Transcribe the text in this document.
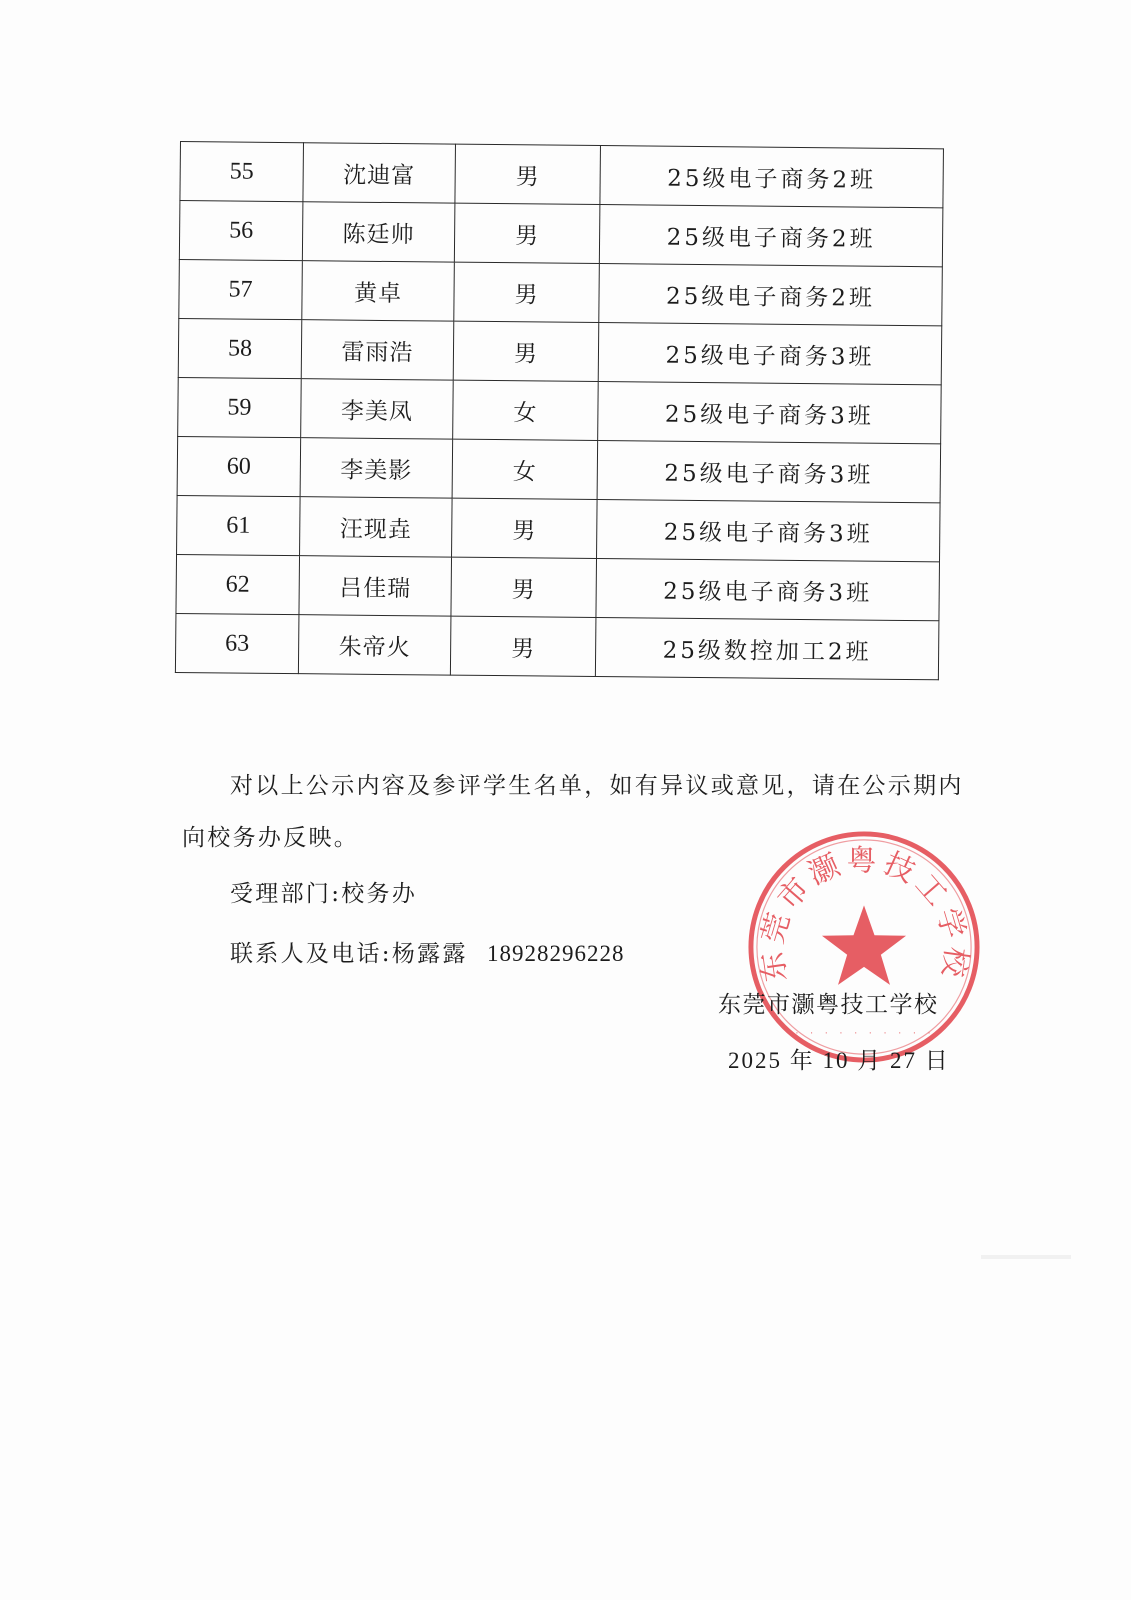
55	沈迪富	男	25级电子商务2班
56	陈廷帅	男	25级电子商务2班
57	黄卓	男	25级电子商务2班
58	雷雨浩	男	25级电子商务3班
59	李美凤	女	25级电子商务3班
60	李美影	女	25级电子商务3班
61	汪现垚	男	25级电子商务3班
62	吕佳瑞	男	25级电子商务3班
63	朱帝火	男	25级数控加工2班

对以上公示内容及参评学生名单，如有异议或意见，请在公示期内向校务办反映。

受理部门:校务办

联系人及电话:杨露露 18928296228	东莞市灏粤技工学校
· · · · · · · · · ·

东莞市灏粤技工学校

2025 年 10 月 27 日
